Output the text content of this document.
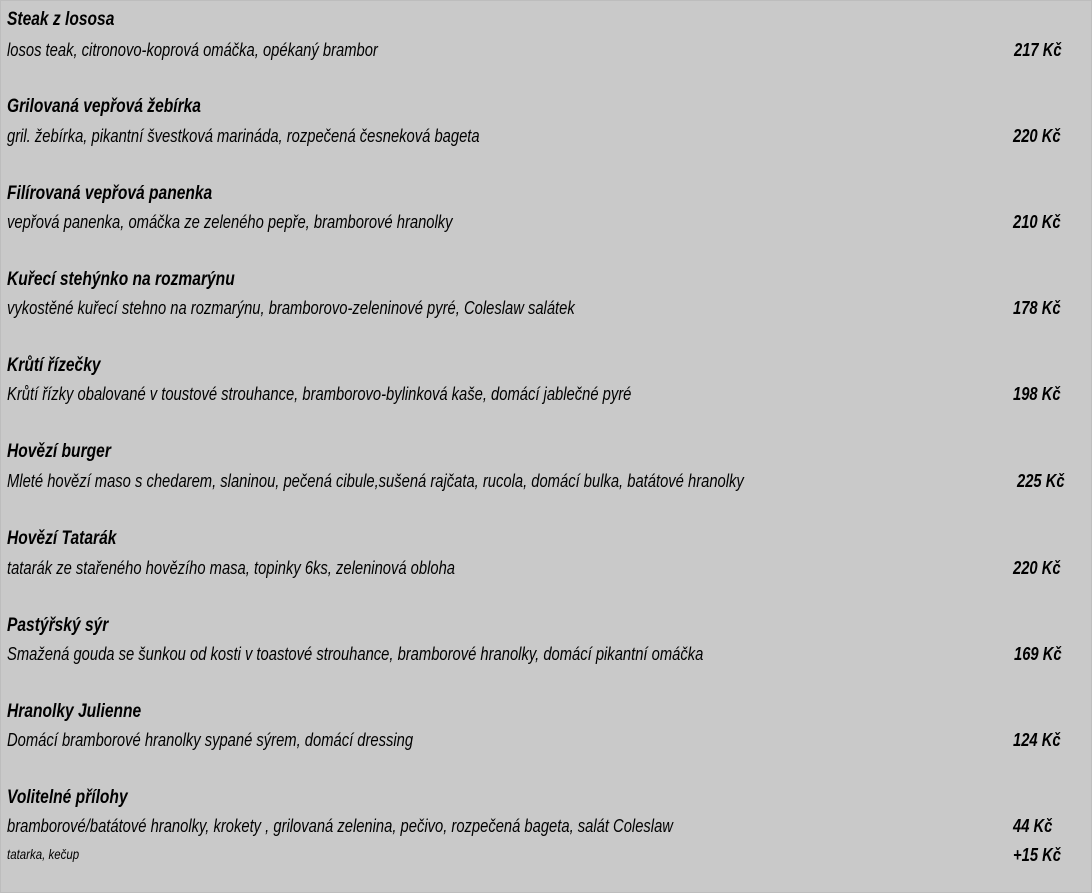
Steak z lososa
losos teak, citronovo-koprová omáčka, opékaný brambor	217 Kč
Grilovaná vepřová žebírka
gril. žebírka, pikantní švestková marináda, rozpečená česneková bageta	220 Kč
Filírovaná vepřová panenka
vepřová panenka, omáčka ze zeleného pepře, bramborové hranolky	210 Kč
Kuřecí stehýnko na rozmarýnu
vykostěné kuřecí stehno na rozmarýnu, bramborovo-zeleninové pyré, Coleslaw salátek	178 Kč
Krůtí řízečky
Krůtí řízky obalované v toustové strouhance, bramborovo-bylinková kaše, domácí jablečné pyré	198 Kč
Hovězí burger
Mleté hovězí maso s chedarem, slaninou, pečená cibule,sušená rajčata, rucola, domácí bulka, batátové hranolky	225 Kč
Hovězí Tatarák
tatarák ze stařeného hovězího masa, topinky 6ks, zeleninová obloha	220 Kč
Pastýřský sýr
Smažená gouda se šunkou od kosti v toastové strouhance, bramborové hranolky, domácí pikantní omáčka	169 Kč
Hranolky Julienne
Domácí bramborové hranolky sypané sýrem, domácí dressing	124 Kč
Volitelné přílohy
bramborové/batátové hranolky, krokety , grilovaná zelenina, pečivo, rozpečená bageta, salát Coleslaw	44 Kč
tatarka, kečup	+15 Kč
